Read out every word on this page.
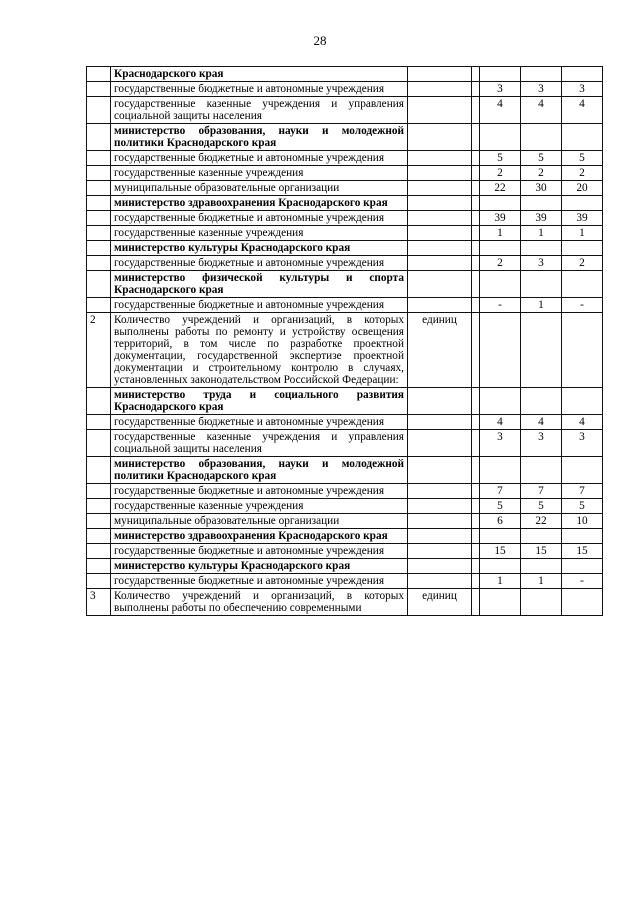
28
	Краснодарского края					
	государственные бюджетные и автономные учреждения			3	3	3
	государственные казенные учреждения и управления социальной защиты населения			4	4	4
	министерство образования, науки и молодежной политики Краснодарского края					
	государственные бюджетные и автономные учреждения			5	5	5
	государственные казенные учреждения			2	2	2
	муниципальные образовательные организации			22	30	20
	министерство здравоохранения Краснодарского края					
	государственные бюджетные и автономные учреждения			39	39	39
	государственные казенные учреждения			1	1	1
	министерство культуры Краснодарского края					
	государственные бюджетные и автономные учреждения			2	3	2
	министерство физической культуры и спорта Краснодарского края					
	государственные бюджетные и автономные учреждения			-	1	-
2	Количество учреждений и организаций, в которых выполнены работы по ремонту и устройству освещения территорий, в том числе по разработке проектной документации, государственной экспертизе проектной документации и строительному контролю в случаях, установленных законодательством Российской Федерации:	единиц				
	министерство труда и социального развития Краснодарского края					
	государственные бюджетные и автономные учреждения			4	4	4
	государственные казенные учреждения и управления социальной защиты населения			3	3	3
	министерство образования, науки и молодежной политики Краснодарского края					
	государственные бюджетные и автономные учреждения			7	7	7
	государственные казенные учреждения			5	5	5
	муниципальные образовательные организации			6	22	10
	министерство здравоохранения Краснодарского края					
	государственные бюджетные и автономные учреждения			15	15	15
	министерство культуры Краснодарского края					
	государственные бюджетные и автономные учреждения			1	1	-
3	Количество учреждений и организаций, в которых выполнены работы по обеспечению современными	единиц				
